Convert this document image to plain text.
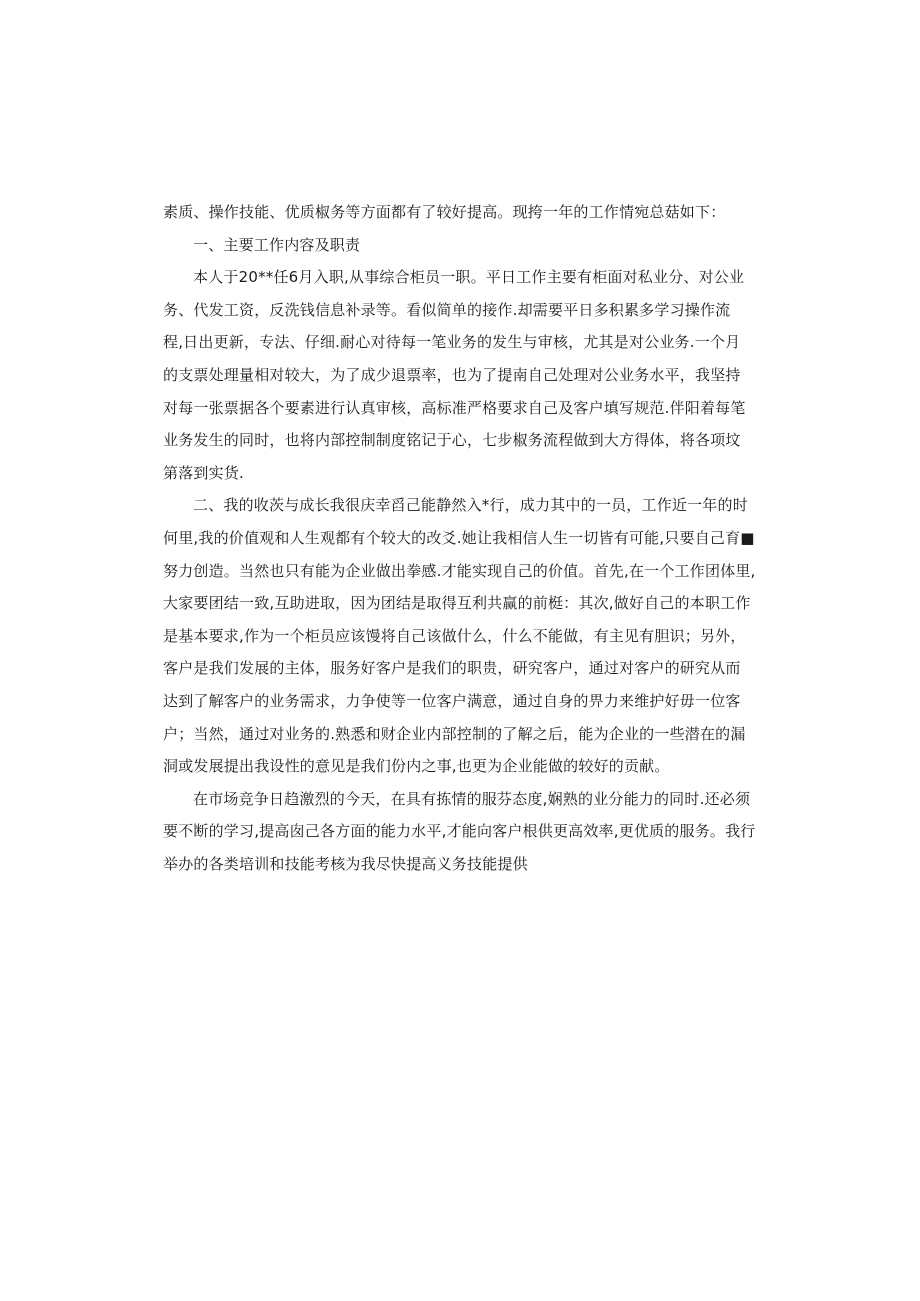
素质、操作技能、优质椒务等方面都有了较好提高。现挎一年的工作情宛总菇如下：
一、主要工作内容及职责
本人于20**任6月入职,从事综合柜员一职。平日工作主要有柜面对私业分、对公业
务、代发工资，反洗钱信息补录等。看似简单的接作.却需要平日多积累多学习操作流
程,日出更新，专法、仔细.耐心对待每一笔业务的发生与审核，尤其是对公业务.一个月
的支票处理量相对较大，为了成少退票率，也为了提南自己处理对公业务水平，我坚持
对每一张票据各个要素进行认真审核，高标准严格要求自己及客户填写规范.伴阳着每笔
业务发生的同时，也将内部控制制度铭记于心，七步椒务流程做到大方得体，将各项坟
第落到实货.
二、我的收茨与成长我很庆幸舀己能静然入*行，成力其中的一员，工作近一年的时
何里,我的价值观和人生观都有个较大的改爻.她让我相信人生一切皆有可能,只要自己育■
努力创造。当然也只有能为企业做出拳感.才能实现自己的价值。首先,在一个工作团体里,
大家要团结一致,互助进取，因为团结是取得互利共赢的前梃：其次,做好自己的本职工作
是基本要求,作为一个柜员应该馒将自己该做什么，什么不能做，有主见有胆识；另外，
客户是我们发展的主体，服务好客户是我们的职贵，研究客户，通过对客户的研究从而
达到了解客户的业务需求，力争使等一位客户满意，通过自身的畀力来维护好毋一位客
户；当然，通过对业务的.熟悉和财企业内部控制的了解之后，能为企业的一些潜在的漏
洞或发展提出我设性的意见是我们份内之事,也更为企业能做的较好的贡献。
在市场竞争日趋激烈的今天，在具有拣情的服芬态度,娴熟的业分能力的同时.还必须
要不断的学习,提高囱己各方面的能力水平,才能向客户根供更高效率,更优质的服务。我行
举办的各类培训和技能考核为我尽快提高义务技能提供
